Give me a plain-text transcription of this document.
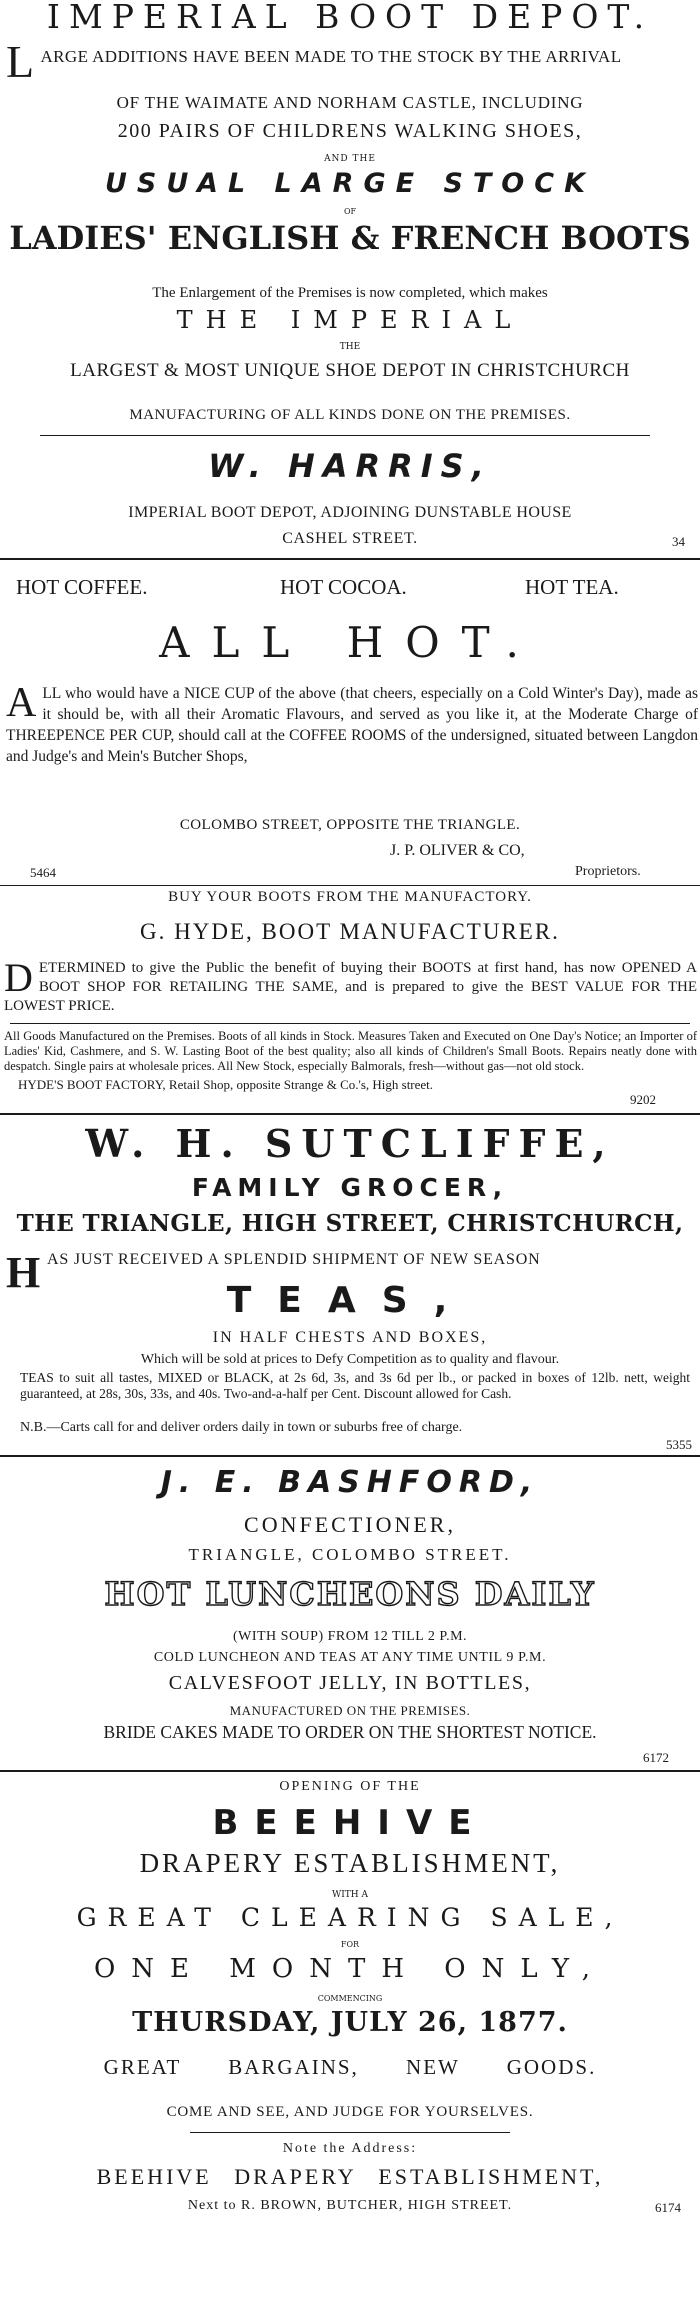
IMPERIAL BOOT DEPOT.
L ARGE ADDITIONS HAVE BEEN MADE TO THE STOCK BY THE ARRIVAL
OF THE WAIMATE AND NORHAM CASTLE, INCLUDING
200 PAIRS OF CHILDRENS WALKING SHOES,
AND THE
USUAL LARGE STOCK
OF
LADIES' ENGLISH & FRENCH BOOTS
The Enlargement of the Premises is now completed, which makes
THE IMPERIAL
THE
LARGEST & MOST UNIQUE SHOE DEPOT IN CHRISTCHURCH
MANUFACTURING OF ALL KINDS DONE ON THE PREMISES.
W. HARRIS,
IMPERIAL BOOT DEPOT, ADJOINING DUNSTABLE HOUSE
CASHEL STREET.	34
HOT COFFEE.	HOT COCOA.	HOT TEA.
ALL HOT.
ALL who would have a NICE CUP of the above (that cheers, especially on a Cold Winter's Day), made as it should be, with all their Aromatic Flavours, and served as you like it, at the Moderate Charge of THREEPENCE PER CUP, should call at the COFFEE ROOMS of the undersigned, situated between Langdon and Judge's and Mein's Butcher Shops,
COLOMBO STREET, OPPOSITE THE TRIANGLE.
J. P. OLIVER & CO,
5464	Proprietors.
BUY YOUR BOOTS FROM THE MANUFACTORY.
G. HYDE, BOOT MANUFACTURER.
DETERMINED to give the Public the benefit of buying their BOOTS at first hand, has now OPENED A BOOT SHOP FOR RETAILING THE SAME, and is prepared to give the BEST VALUE FOR THE LOWEST PRICE.
All Goods Manufactured on the Premises. Boots of all kinds in Stock. Measures Taken and Executed on One Day's Notice; an Importer of Ladies' Kid, Cashmere, and S. W. Lasting Boot of the best quality; also all kinds of Children's Small Boots. Repairs neatly done with despatch. Single pairs at wholesale prices. All New Stock, especially Balmorals, fresh—without gas—not old stock.
HYDE'S BOOT FACTORY, Retail Shop, opposite Strange & Co.'s, High street.
9202
W. H. SUTCLIFFE,
FAMILY GROCER,
THE TRIANGLE, HIGH STREET, CHRISTCHURCH,
H AS JUST RECEIVED A SPLENDID SHIPMENT OF NEW SEASON
TEAS,
IN HALF CHESTS AND BOXES,
Which will be sold at prices to Defy Competition as to quality and flavour.
TEAS to suit all tastes, MIXED or BLACK, at 2s 6d, 3s, and 3s 6d per lb., or packed in boxes of 12lb. nett, weight guaranteed, at 28s, 30s, 33s, and 40s. Two-and-a-half per Cent. Discount allowed for Cash.
N.B.—Carts call for and deliver orders daily in town or suburbs free of charge.
5355
J. E. BASHFORD,
CONFECTIONER,
TRIANGLE, COLOMBO STREET.
HOT LUNCHEONS DAILY
(WITH SOUP) FROM 12 TILL 2 P.M.
COLD LUNCHEON AND TEAS AT ANY TIME UNTIL 9 P.M.
CALVESFOOT JELLY, IN BOTTLES,
MANUFACTURED ON THE PREMISES.
BRIDE CAKES MADE TO ORDER ON THE SHORTEST NOTICE.
6172
OPENING OF THE
BEEHIVE
DRAPERY ESTABLISHMENT,
WITH A
GREAT CLEARING SALE,
FOR
ONE MONTH ONLY,
COMMENCING
THURSDAY, JULY 26, 1877.
GREAT BARGAINS, NEW GOODS.
COME AND SEE, AND JUDGE FOR YOURSELVES.
Note the Address:
BEEHIVE DRAPERY ESTABLISHMENT,
Next to R. BROWN, BUTCHER, HIGH STREET.	6174
